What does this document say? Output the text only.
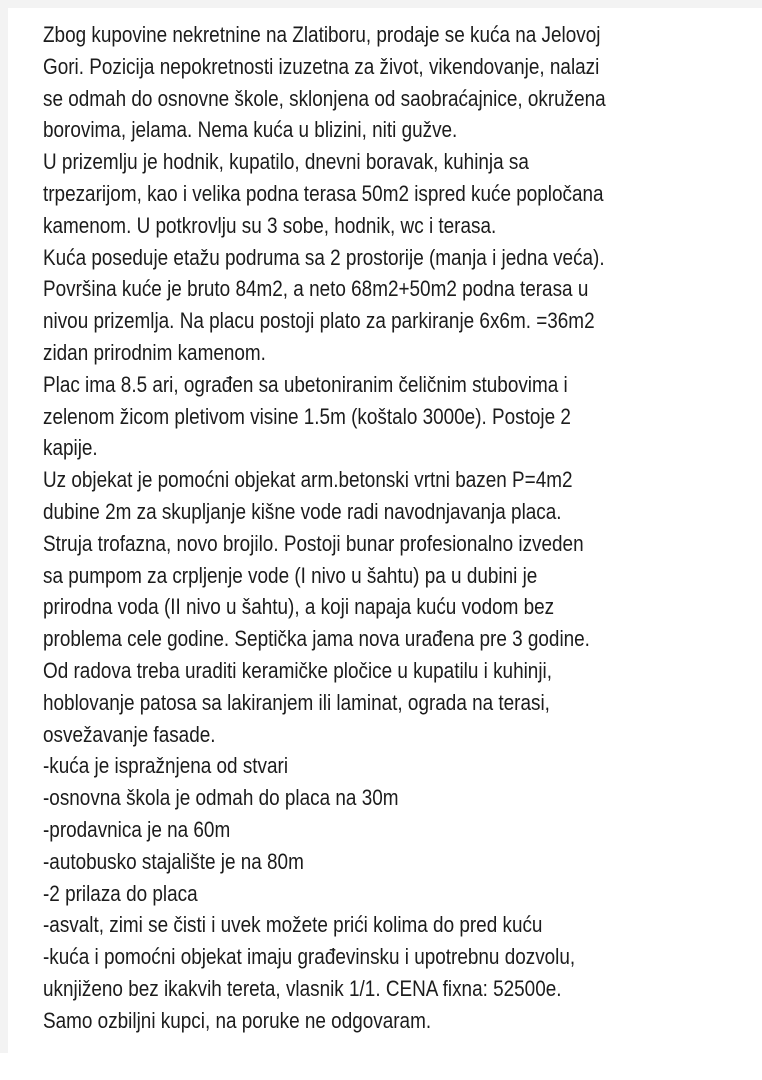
Zbog kupovine nekretnine na Zlatiboru, prodaje se kuća na Jelovoj
Gori. Pozicija nepokretnosti izuzetna za život, vikendovanje, nalazi
se odmah do osnovne škole, sklonjena od saobraćajnice, okružena
borovima, jelama. Nema kuća u blizini, niti gužve.
U prizemlju je hodnik, kupatilo, dnevni boravak, kuhinja sa
trpezarijom, kao i velika podna terasa 50m2 ispred kuće popločana
kamenom. U potkrovlju su 3 sobe, hodnik, wc i terasa.
Kuća poseduje etažu podruma sa 2 prostorije (manja i jedna veća).
Površina kuće je bruto 84m2, a neto 68m2+50m2 podna terasa u
nivou prizemlja. Na placu postoji plato za parkiranje 6x6m. =36m2
zidan prirodnim kamenom.
Plac ima 8.5 ari, ograđen sa ubetoniranim čeličnim stubovima i
zelenom žicom pletivom visine 1.5m (koštalo 3000e). Postoje 2
kapije.
Uz objekat je pomoćni objekat arm.betonski vrtni bazen P=4m2
dubine 2m za skupljanje kišne vode radi navodnjavanja placa.
Struja trofazna, novo brojilo. Postoji bunar profesionalno izveden
sa pumpom za crpljenje vode (I nivo u šahtu) pa u dubini je
prirodna voda (II nivo u šahtu), a koji napaja kuću vodom bez
problema cele godine. Septička jama nova urađena pre 3 godine.
Od radova treba uraditi keramičke pločice u kupatilu i kuhinji,
hoblovanje patosa sa lakiranjem ili laminat, ograda na terasi,
osvežavanje fasade.
-kuća je ispražnjena od stvari
-osnovna škola je odmah do placa na 30m
-prodavnica je na 60m
-autobusko stajalište je na 80m
-2 prilaza do placa
-asvalt, zimi se čisti i uvek možete prići kolima do pred kuću
-kuća i pomoćni objekat imaju građevinsku i upotrebnu dozvolu,
uknjiženo bez ikakvih tereta, vlasnik 1/1. CENA fixna: 52500e.
Samo ozbiljni kupci, na poruke ne odgovaram.
